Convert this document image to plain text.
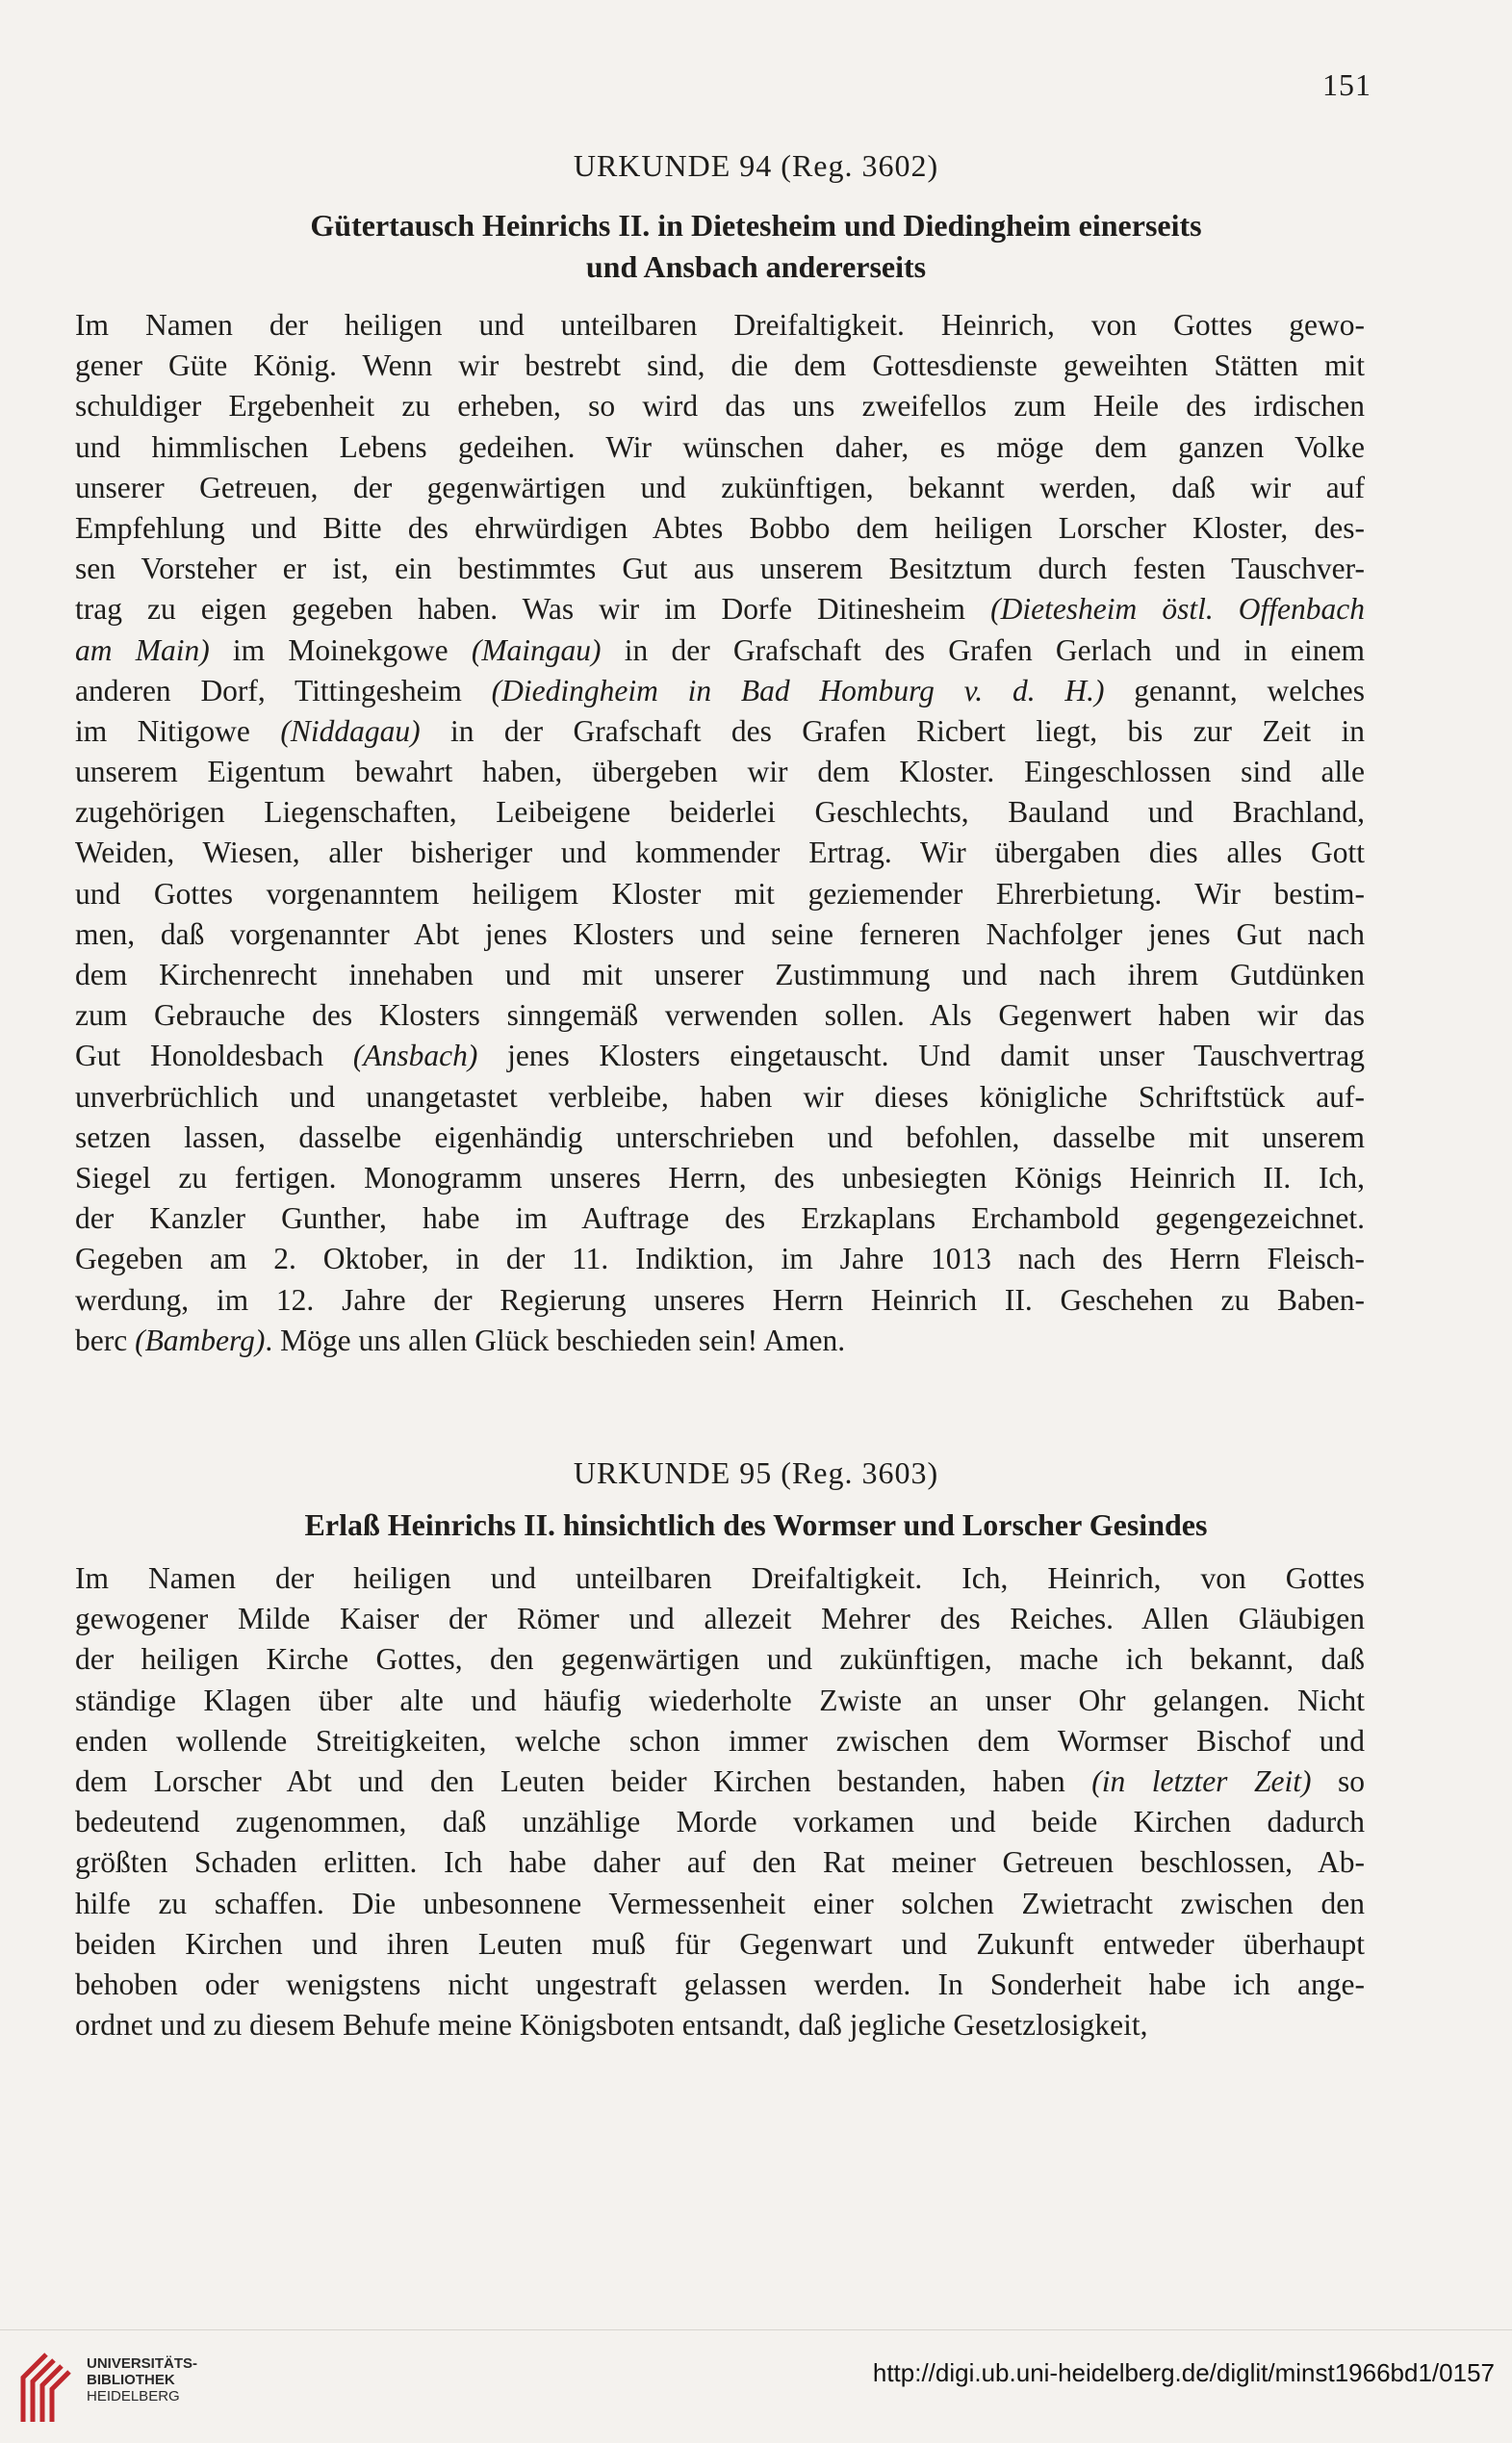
151
URKUNDE 94 (Reg. 3602)
Gütertausch Heinrichs II. in Dietesheim und Diedingheim einerseits
und Ansbach andererseits
Im Namen der heiligen und unteilbaren Dreifaltigkeit. Heinrich, von Gottes gewo-
gener Güte König. Wenn wir bestrebt sind, die dem Gottesdienste geweihten Stätten mit
schuldiger Ergebenheit zu erheben, so wird das uns zweifellos zum Heile des irdischen
und himmlischen Lebens gedeihen. Wir wünschen daher, es möge dem ganzen Volke
unserer Getreuen, der gegenwärtigen und zukünftigen, bekannt werden, daß wir auf
Empfehlung und Bitte des ehrwürdigen Abtes Bobbo dem heiligen Lorscher Kloster, des-
sen Vorsteher er ist, ein bestimmtes Gut aus unserem Besitztum durch festen Tauschver-
trag zu eigen gegeben haben. Was wir im Dorfe Ditinesheim (Dietesheim östl. Offenbach
am Main) im Moinekgowe (Maingau) in der Grafschaft des Grafen Gerlach und in einem
anderen Dorf, Tittingesheim (Diedingheim in Bad Homburg v. d. H.) genannt, welches
im Nitigowe (Niddagau) in der Grafschaft des Grafen Ricbert liegt, bis zur Zeit in
unserem Eigentum bewahrt haben, übergeben wir dem Kloster. Eingeschlossen sind alle
zugehörigen Liegenschaften, Leibeigene beiderlei Geschlechts, Bauland und Brachland,
Weiden, Wiesen, aller bisheriger und kommender Ertrag. Wir übergaben dies alles Gott
und Gottes vorgenanntem heiligem Kloster mit geziemender Ehrerbietung. Wir bestim-
men, daß vorgenannter Abt jenes Klosters und seine ferneren Nachfolger jenes Gut nach
dem Kirchenrecht innehaben und mit unserer Zustimmung und nach ihrem Gutdünken
zum Gebrauche des Klosters sinngemäß verwenden sollen. Als Gegenwert haben wir das
Gut Honoldesbach (Ansbach) jenes Klosters eingetauscht. Und damit unser Tauschvertrag
unverbrüchlich und unangetastet verbleibe, haben wir dieses königliche Schriftstück auf-
setzen lassen, dasselbe eigenhändig unterschrieben und befohlen, dasselbe mit unserem
Siegel zu fertigen. Monogramm unseres Herrn, des unbesiegten Königs Heinrich II. Ich,
der Kanzler Gunther, habe im Auftrage des Erzkaplans Erchambold gegengezeichnet.
Gegeben am 2. Oktober, in der 11. Indiktion, im Jahre 1013 nach des Herrn Fleisch-
werdung, im 12. Jahre der Regierung unseres Herrn Heinrich II. Geschehen zu Baben-
berc (Bamberg). Möge uns allen Glück beschieden sein! Amen.
URKUNDE 95 (Reg. 3603)
Erlaß Heinrichs II. hinsichtlich des Wormser und Lorscher Gesindes
Im Namen der heiligen und unteilbaren Dreifaltigkeit. Ich, Heinrich, von Gottes
gewogener Milde Kaiser der Römer und allezeit Mehrer des Reiches. Allen Gläubigen
der heiligen Kirche Gottes, den gegenwärtigen und zukünftigen, mache ich bekannt, daß
ständige Klagen über alte und häufig wiederholte Zwiste an unser Ohr gelangen. Nicht
enden wollende Streitigkeiten, welche schon immer zwischen dem Wormser Bischof und
dem Lorscher Abt und den Leuten beider Kirchen bestanden, haben (in letzter Zeit) so
bedeutend zugenommen, daß unzählige Morde vorkamen und beide Kirchen dadurch
größten Schaden erlitten. Ich habe daher auf den Rat meiner Getreuen beschlossen, Ab-
hilfe zu schaffen. Die unbesonnene Vermessenheit einer solchen Zwietracht zwischen den
beiden Kirchen und ihren Leuten muß für Gegenwart und Zukunft entweder überhaupt
behoben oder wenigstens nicht ungestraft gelassen werden. In Sonderheit habe ich ange-
ordnet und zu diesem Behufe meine Königsboten entsandt, daß jegliche Gesetzlosigkeit,
UNIVERSITÄTS-
BIBLIOTHEK
HEIDELBERG
http://digi.ub.uni-heidelberg.de/diglit/minst1966bd1/0157
